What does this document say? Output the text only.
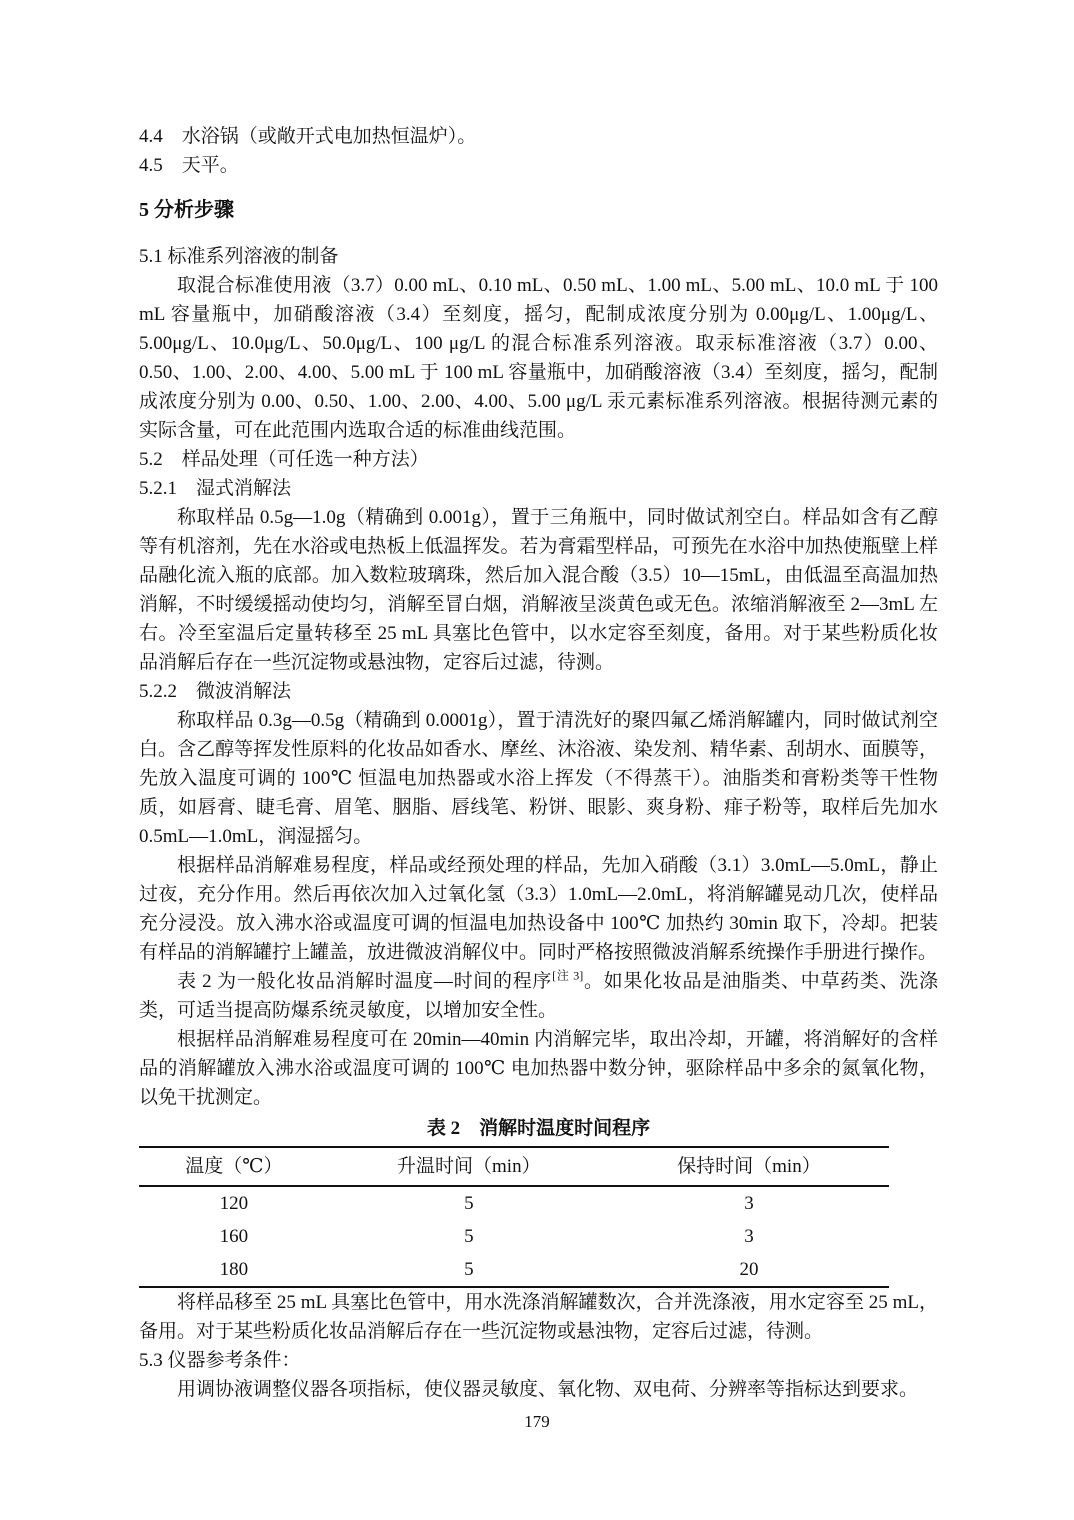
4.4　水浴锅（或敞开式电加热恒温炉）。
4.5　天平。
5 分析步骤
5.1 标准系列溶液的制备

取混合标准使用液（3.7）0.00 mL、0.10 mL、0.50 mL、1.00 mL、5.00 mL、10.0 mL 于 100 mL 容量瓶中，加硝酸溶液（3.4）至刻度，摇匀，配制成浓度分别为 0.00μg/L、1.00μg/L、5.00μg/L、10.0μg/L、50.0μg/L、100 μg/L 的混合标准系列溶液。取汞标准溶液（3.7）0.00、0.50、1.00、2.00、4.00、5.00 mL 于 100 mL 容量瓶中，加硝酸溶液（3.4）至刻度，摇匀，配制成浓度分别为 0.00、0.50、1.00、2.00、4.00、5.00 μg/L 汞元素标准系列溶液。根据待测元素的实际含量，可在此范围内选取合适的标准曲线范围。

5.2　样品处理（可任选一种方法）
5.2.1　湿式消解法

称取样品 0.5g—1.0g（精确到 0.001g），置于三角瓶中，同时做试剂空白。样品如含有乙醇等有机溶剂，先在水浴或电热板上低温挥发。若为膏霜型样品，可预先在水浴中加热使瓶壁上样品融化流入瓶的底部。加入数粒玻璃珠，然后加入混合酸（3.5）10—15mL，由低温至高温加热消解，不时缓缓摇动使均匀，消解至冒白烟，消解液呈淡黄色或无色。浓缩消解液至 2—3mL 左右。冷至室温后定量转移至 25 mL 具塞比色管中，以水定容至刻度，备用。对于某些粉质化妆品消解后存在一些沉淀物或悬浊物，定容后过滤，待测。

5.2.2　微波消解法

称取样品 0.3g—0.5g（精确到 0.0001g），置于清洗好的聚四氟乙烯消解罐内，同时做试剂空白。含乙醇等挥发性原料的化妆品如香水、摩丝、沐浴液、染发剂、精华素、刮胡水、面膜等，先放入温度可调的 100℃ 恒温电加热器或水浴上挥发（不得蒸干）。油脂类和膏粉类等干性物质，如唇膏、睫毛膏、眉笔、胭脂、唇线笔、粉饼、眼影、爽身粉、痱子粉等，取样后先加水 0.5mL—1.0mL，润湿摇匀。

根据样品消解难易程度，样品或经预处理的样品，先加入硝酸（3.1）3.0mL—5.0mL，静止过夜，充分作用。然后再依次加入过氧化氢（3.3）1.0mL—2.0mL，将消解罐晃动几次，使样品充分浸没。放入沸水浴或温度可调的恒温电加热设备中 100℃ 加热约 30min 取下，冷却。把装有样品的消解罐拧上罐盖，放进微波消解仪中。同时严格按照微波消解系统操作手册进行操作。

表 2 为一般化妆品消解时温度—时间的程序[注 3]。如果化妆品是油脂类、中草药类、洗涤类，可适当提高防爆系统灵敏度，以增加安全性。

根据样品消解难易程度可在 20min—40min 内消解完毕，取出冷却，开罐，将消解好的含样品的消解罐放入沸水浴或温度可调的 100℃ 电加热器中数分钟，驱除样品中多余的氮氧化物，以免干扰测定。

表 2　消解时温度时间程序
温度（℃）	升温时间（min）	保持时间（min）
120	5	3
160	5	3
180	5	20

将样品移至 25 mL 具塞比色管中，用水洗涤消解罐数次，合并洗涤液，用水定容至 25 mL，备用。对于某些粉质化妆品消解后存在一些沉淀物或悬浊物，定容后过滤，待测。

5.3 仪器参考条件：

用调协液调整仪器各项指标，使仪器灵敏度、氧化物、双电荷、分辨率等指标达到要求。

179
